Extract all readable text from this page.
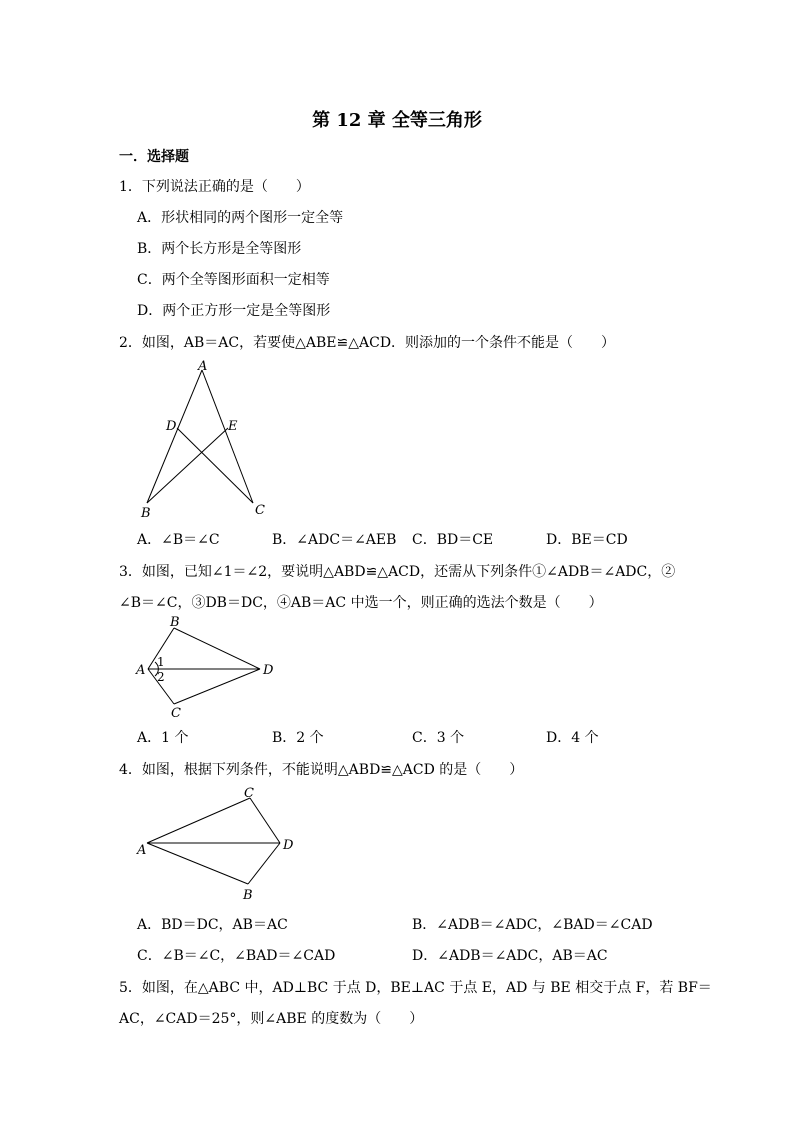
第 12 章 全等三角形
一．选择题
1．下列说法正确的是（　　）
A．形状相同的两个图形一定全等
B．两个长方形是全等图形
C．两个全等图形面积一定相等
D．两个正方形一定是全等图形
2．如图，AB＝AC，若要使△ABE≌△ACD．则添加的一个条件不能是（　　）
A
D	E
B	C
A．∠B＝∠C	B．∠ADC＝∠AEB C．BD＝CE	D．BE＝CD
3．如图，已知∠1＝∠2，要说明△ABD≌△ACD，还需从下列条件①∠ADB＝∠ADC，②
∠B＝∠C，③DB＝DC，④AB＝AC 中选一个，则正确的选法个数是（　　）
B
A	D
C
1
2
A．1 个	B．2 个	C．3 个	D．4 个
4．如图，根据下列条件，不能说明△ABD≌△ACD 的是（　　）
C
A	D
B
A．BD＝DC，AB＝AC	B．∠ADB＝∠ADC，∠BAD＝∠CAD
C．∠B＝∠C，∠BAD＝∠CAD	D．∠ADB＝∠ADC，AB＝AC
5．如图，在△ABC 中，AD⊥BC 于点 D，BE⊥AC 于点 E，AD 与 BE 相交于点 F，若 BF＝
AC，∠CAD＝25°，则∠ABE 的度数为（　　）
